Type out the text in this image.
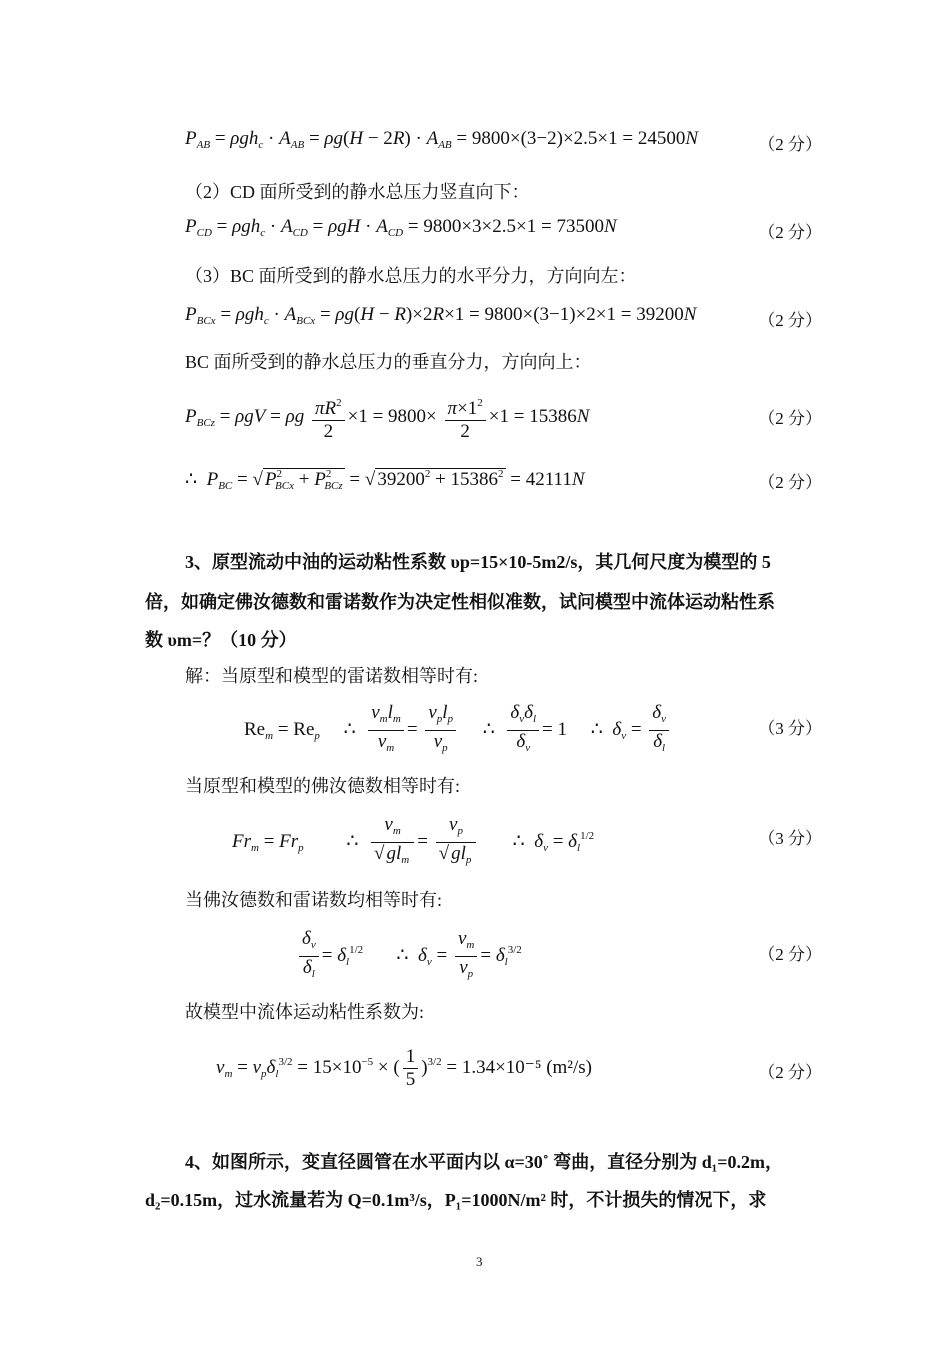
$P_{AB} = \rho gh_c \cdot A_{AB} = \rho g(H - 2R) \cdot A_{AB} = 9800\times(3-2)\times 2.5\times 1 = 24500N$	（2 分）
（2）CD 面所受到的静水总压力竖直向下：
$P_{CD} = \rho gh_c \cdot A_{CD} = \rho gH \cdot A_{CD} = 9800\times 3\times 2.5\times 1 = 73500N$	（2 分）
（3）BC 面所受到的静水总压力的水平分力，方向向左：
$P_{BCx} = \rho gh_c \cdot A_{BCx} = \rho g(H - R)\times 2R\times 1 = 9800\times(3-1)\times 2\times 1 = 39200N$	（2 分）
BC 面所受到的静水总压力的垂直分力，方向向上：
$P_{BCz} = \rho gV = \rho g \frac{\pi R^2}{2} \times 1 = 9800\times \frac{\pi\times 1^2}{2} \times 1 = 15386N$	（2 分）
∴  $P_{BC}$ = √ $P^2_{BCx} + P^2_{BCz}$ = √ $39200^2 + 15386^2 = 42111N$	（2 分）
3、原型流动中油的运动粘性系数 υp=15×10-5m2/s，其几何尺度为模型的 5
倍，如确定佛汝德数和雷诺数作为决定性相似准数，试问模型中流体运动粘性系
数 υm=？（10 分）
解：当原型和模型的雷诺数相等时有:
$Re_m = Re_p$     ∴ $\frac{v_ml_m}{\nu_m} = \frac{v_pl_p}{\nu_p}$ ∴ $\frac{\delta_v\delta_l}{\delta_\nu} = 1$     ∴  $\delta_\nu = \frac{\delta_v}{\delta_l}$	（3 分）
当原型和模型的佛汝德数相等时有:
$Fr_m = Fr_p$         ∴ $\frac{v_m}{√ gl_m} = \frac{v_p}{√ gl_p}$ ∴  $\delta_v = \delta_l^{1/2}$	（3 分）
当佛汝德数和雷诺数均相等时有:
$\frac{\delta_v}{\delta_l} = \delta_l^{1/2}$       ∴  $\delta_\nu = \frac{\nu_m}{\nu_p} = \delta_l^{3/2}$	（2 分）
故模型中流体运动粘性系数为:
$\nu_m = \nu_p\delta_l^{3/2} = 15\times 10^{-5}$ × ( $\frac{1}{5} )^{3/2} = 1.34\times 10^{-5}$ (m²/s)	（2 分）
4、如图所示，变直径圆管在水平面内以 α=30˚ 弯曲，直径分别为 d₁=0.2m，
d₂=0.15m，过水流量若为 Q=0.1m³/s，P₁=1000N/m² 时，不计损失的情况下，求
3
